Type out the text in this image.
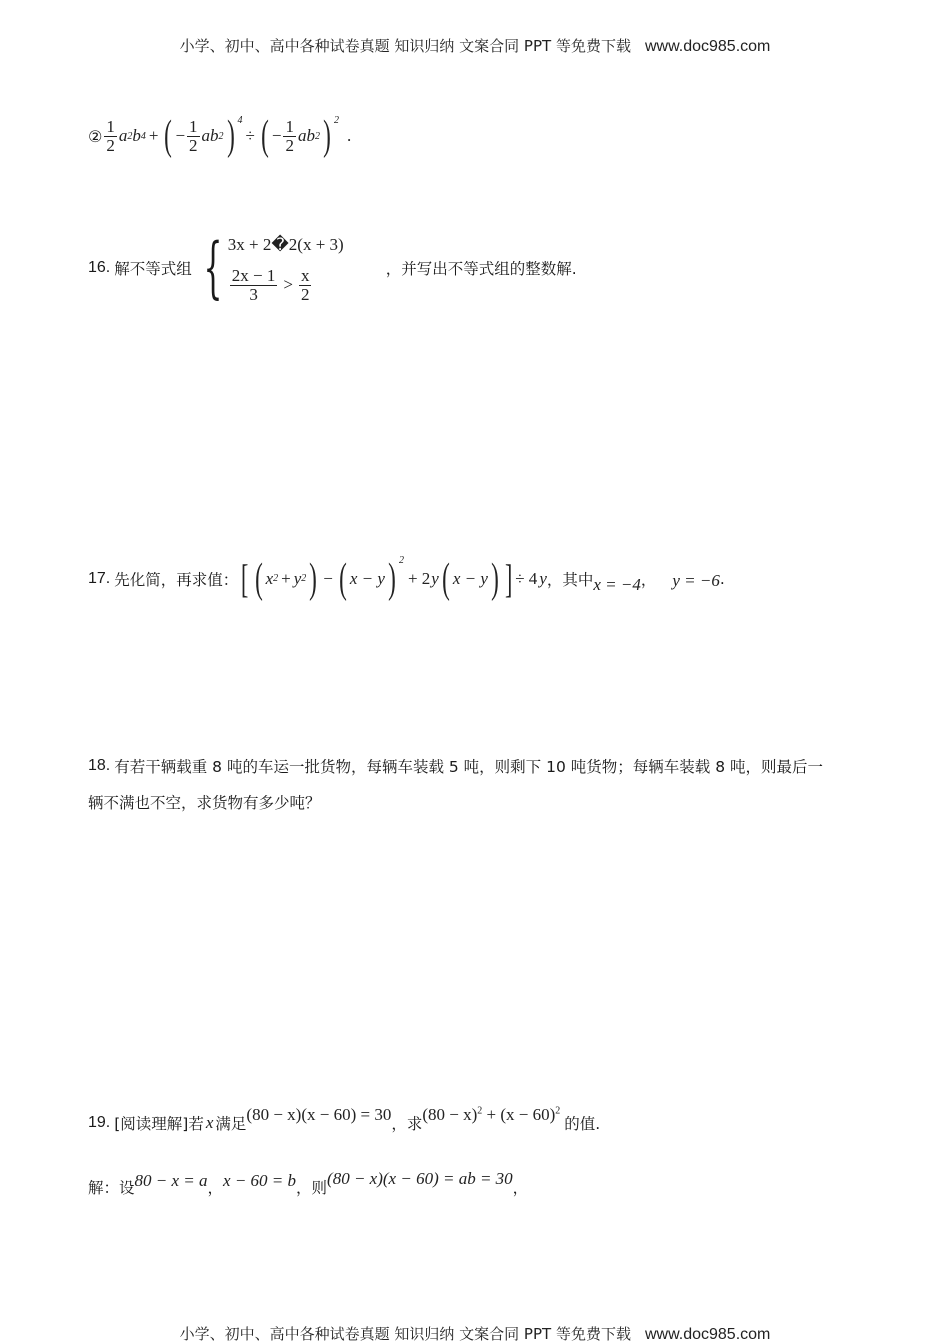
小学、初中、高中各种试卷真题 知识归纳 文案合同 PPT 等免费下载 www.doc985.com
② $\frac{1}{2}$ a 2 b 4 + ( − $\frac{1}{2}$ ab 2 ) $^4$
÷ ( − $\frac{1}{2}$ ab 2 ) $^2$
.
16. 解不等式组 { 3x + 2�2(x + 3)
$\frac{2x - 1}{3} > \frac{x}{2}$	，并写出不等式组的整数解.
17. 先化简，再求值： [ ( x 2 + y 2 ) − ( x − y ) $^2$
+ 2 y ( x − y ) ] ÷ 4 y ，其中 x = −4 ， y = −6 .
18. 有若干辆载重 8 吨的车运一批货物，每辆车装载 5 吨，则剩下 10 吨货物；每辆车装载 8 吨，则最后一
辆不满也不空，求货物有多少吨？
19. [阅读理解]若 x 满足 (80 − x)(x − 60) = 30 ，求 $(80 - x)^2 + (x - 60)^2$
的值.
解：设 80 − x = a ， x − 60 = b ，则 (80 − x)(x − 60) = ab = 30 ，
小学、初中、高中各种试卷真题 知识归纳 文案合同 PPT 等免费下载 www.doc985.com
